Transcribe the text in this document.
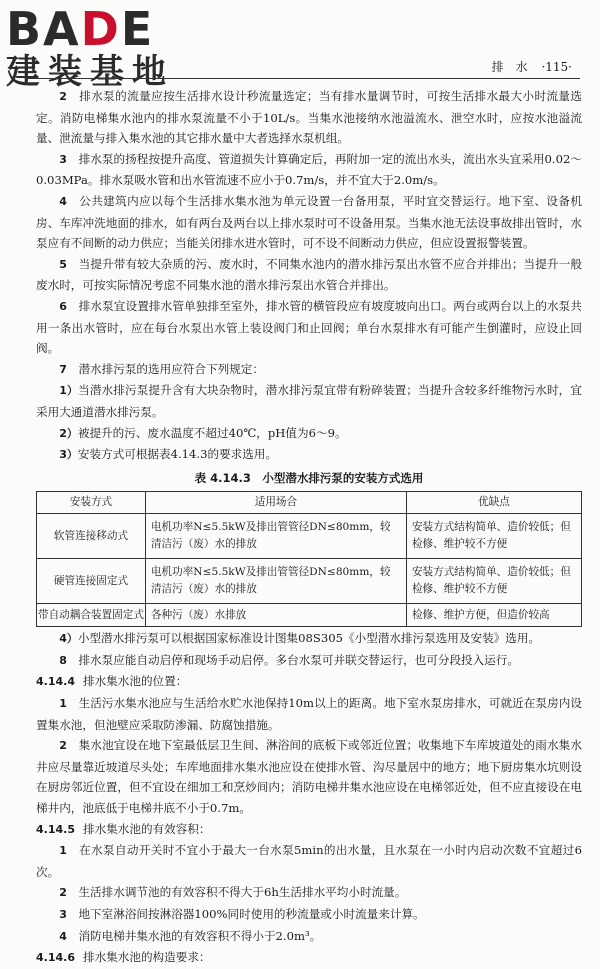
BADE
建装基地	排　水 ·115·

2　 排水泵的流量应按生活排水设计秒流量选定；当有排水量调节时，可按生活排水最大小时流量选定。消防电梯集水池内的排水泵流量不小于10L/s。当集水池接纳水池溢流水、泄空水时，应按水池溢流量、泄流量与排入集水池的其它排水量中大者选择水泵机组。

3　 排水泵的扬程按提升高度、管道损失计算确定后，再附加一定的流出水头，流出水头宜采用0.02～0.03MPa。排水泵吸水管和出水管流速不应小于0.7m/s，并不宜大于2.0m/s。

4　 公共建筑内应以每个生活排水集水池为单元设置一台备用泵，平时宜交替运行。地下室、设备机房、车库冲洗地面的排水，如有两台及两台以上排水泵时可不设备用泵。当集水池无法设事故排出管时，水泵应有不间断的动力供应；当能关闭排水进水管时，可不设不间断动力供应，但应设置报警装置。

5　 当提升带有较大杂质的污、废水时，不同集水池内的潜水排污泵出水管不应合并排出；当提升一般废水时，可按实际情况考虑不同集水池的潜水排污泵出水管合并排出。

6　 排水泵宜设置排水管单独排至室外，排水管的横管段应有坡度坡向出口。两台或两台以上的水泵共用一条出水管时，应在每台水泵出水管上装设阀门和止回阀；单台水泵排水有可能产生倒灌时，应设止回阀。

7　 潜水排污泵的选用应符合下列规定：

1）当潜水排污泵提升含有大块杂物时，潜水排污泵宜带有粉碎装置；当提升含较多纤维物污水时，宜采用大通道潜水排污泵。

2）被提升的污、废水温度不超过40℃，pH值为6～9。

3）安装方式可根据表4.14.3的要求选用。

表 4.14.3　小型潜水排污泵的安装方式选用
安装方式	适用场合	优缺点
软管连接移动式	电机功率N≤5.5kW及排出管管径DN≤80mm，较清洁污（废）水的排放	安装方式结构简单、造价较低；但检修、维护较不方便
硬管连接固定式	电机功率N≤5.5kW及排出管管径DN≤80mm，较清洁污（废）水的排放	安装方式结构简单、造价较低；但检修、维护较不方便
带自动耦合装置固定式	各种污（废）水排放	检修、维护方便，但造价较高

4）小型潜水排污泵可以根据国家标准设计图集08S305《小型潜水排污泵选用及安装》选用。

8　 排水泵应能自动启停和现场手动启停。多台水泵可并联交替运行，也可分段投入运行。

4.14.4 排水集水池的位置：

1　 生活污水集水池应与生活给水贮水池保持10m以上的距离。地下室水泵房排水，可就近在泵房内设置集水池，但池壁应采取防渗漏、防腐蚀措施。

2　 集水池宜设在地下室最低层卫生间、淋浴间的底板下或邻近位置；收集地下车库坡道处的雨水集水井应尽量靠近坡道尽头处；车库地面排水集水池应设在使排水管、沟尽量居中的地方；地下厨房集水坑则设在厨房邻近位置，但不宜设在细加工和烹炒间内；消防电梯井集水池应设在电梯邻近处，但不应直接设在电梯井内，池底低于电梯井底不小于0.7m。

4.14.5 排水集水池的有效容积：

1　 在水泵自动开关时不宜小于最大一台水泵5min的出水量，且水泵在一小时内启动次数不宜超过6次。

2　 生活排水调节池的有效容积不得大于6h生活排水平均小时流量。

3　 地下室淋浴间按淋浴器100%同时使用的秒流量或小时流量来计算。

4　 消防电梯井集水池的有效容积不得小于2.0m³。

4.14.6 排水集水池的构造要求：
